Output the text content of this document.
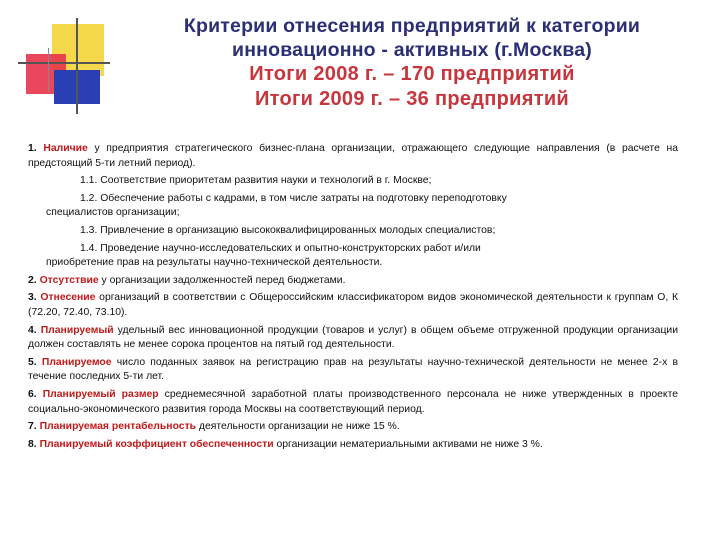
Критерии отнесения предприятий к категории
инновационно - активных (г.Москва)
Итоги 2008 г. – 170 предприятий
Итоги 2009 г. – 36 предприятий
1. Наличие у предприятия стратегического бизнес-плана организации, отражающего следующие направления (в расчете на предстоящий 5-ти летний период).
1.1. Соответствие приоритетам развития науки и технологий в г. Москве;
1.2. Обеспечение работы с кадрами, в том числе затраты на подготовку переподготовку
специалистов организации;
1.3. Привлечение в организацию высококвалифицированных молодых специалистов;
1.4. Проведение научно-исследовательских и опытно-конструкторских работ и/или
приобретение прав на результаты научно-технической деятельности.
2. Отсутствие у организации задолженностей перед бюджетами.
3. Отнесение организаций в соответствии с Общероссийским классификатором видов экономической деятельности к группам О, К (72.20, 72.40, 73.10).
4. Планируемый удельный вес инновационной продукции (товаров и услуг) в общем объеме отгруженной продукции организации должен составлять не менее сорока процентов на пятый год деятельности.
5. Планируемое число поданных заявок на регистрацию прав на результаты научно-технической деятельности не менее 2-х в течение последних 5-ти лет.
6. Планируемый размер среднемесячной заработной платы производственного персонала не ниже утвержденных в проекте социально-экономического развития города Москвы на соответствующий период.
7. Планируемая рентабельность деятельности организации не ниже 15 %.
8. Планируемый коэффициент обеспеченности организации нематериальными активами не ниже 3 %.
